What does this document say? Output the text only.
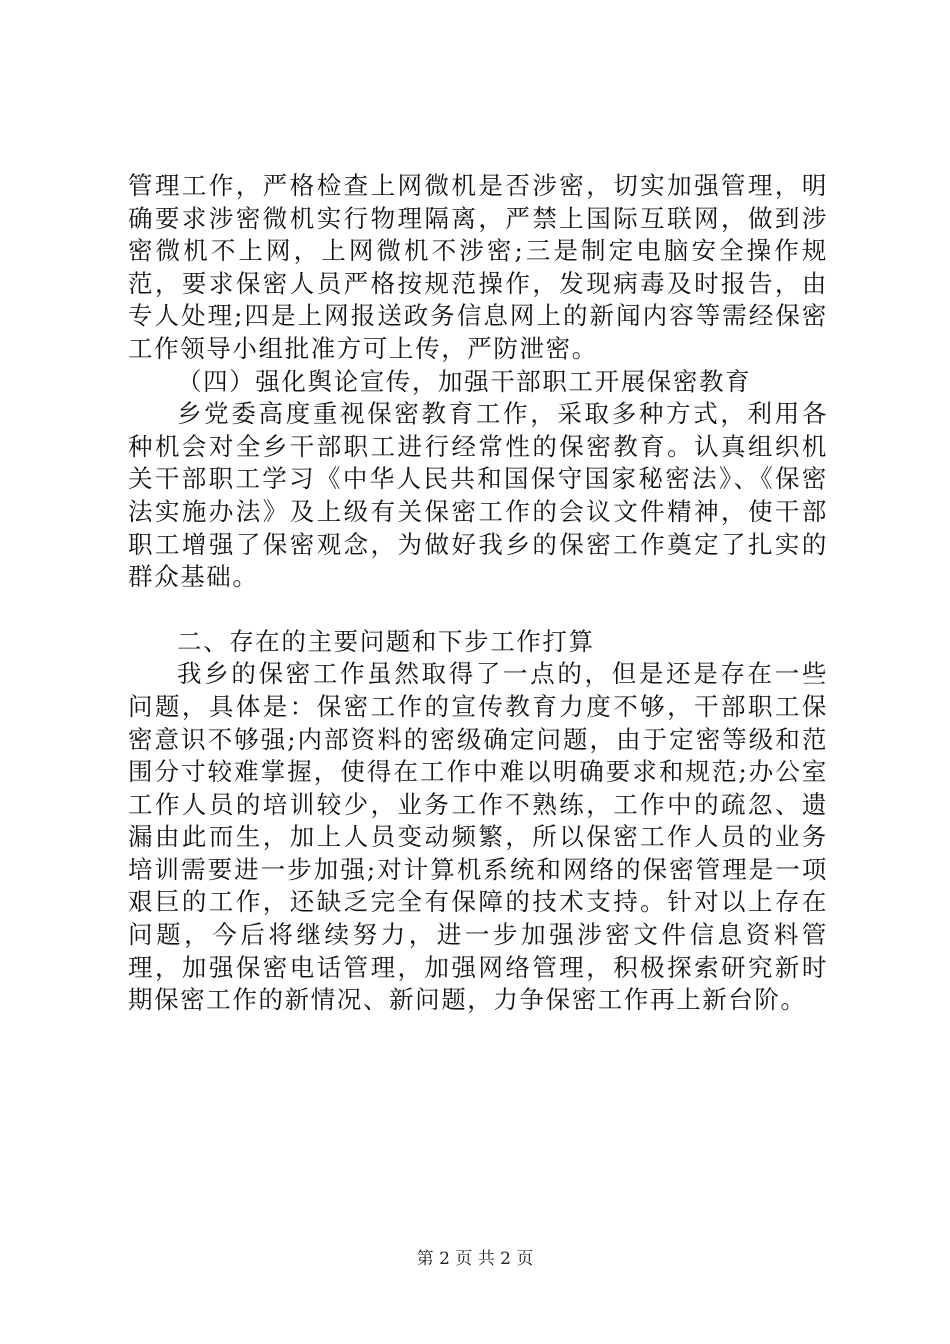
管理工作，严格检查上网微机是否涉密，切实加强管理，明确要求涉密微机实行物理隔离，严禁上国际互联网，做到涉密微机不上网，上网微机不涉密;三是制定电脑安全操作规范，要求保密人员严格按规范操作，发现病毒及时报告，由专人处理;四是上网报送政务信息网上的新闻内容等需经保密工作领导小组批准方可上传，严防泄密。

（四）强化舆论宣传，加强干部职工开展保密教育

乡党委高度重视保密教育工作，采取多种方式，利用各种机会对全乡干部职工进行经常性的保密教育。认真组织机关干部职工学习《中华人民共和国保守国家秘密法》、《保密法实施办法》及上级有关保密工作的会议文件精神，使干部职工增强了保密观念，为做好我乡的保密工作奠定了扎实的群众基础。

二、存在的主要问题和下步工作打算

我乡的保密工作虽然取得了一点的，但是还是存在一些问题，具体是：保密工作的宣传教育力度不够，干部职工保密意识不够强;内部资料的密级确定问题，由于定密等级和范围分寸较难掌握，使得在工作中难以明确要求和规范;办公室工作人员的培训较少，业务工作不熟练，工作中的疏忽、遗漏由此而生，加上人员变动频繁，所以保密工作人员的业务培训需要进一步加强;对计算机系统和网络的保密管理是一项艰巨的工作，还缺乏完全有保障的技术支持。针对以上存在问题，今后将继续努力，进一步加强涉密文件信息资料管理，加强保密电话管理，加强网络管理，积极探索研究新时期保密工作的新情况、新问题，力争保密工作再上新台阶。

第 2 页 共 2 页
